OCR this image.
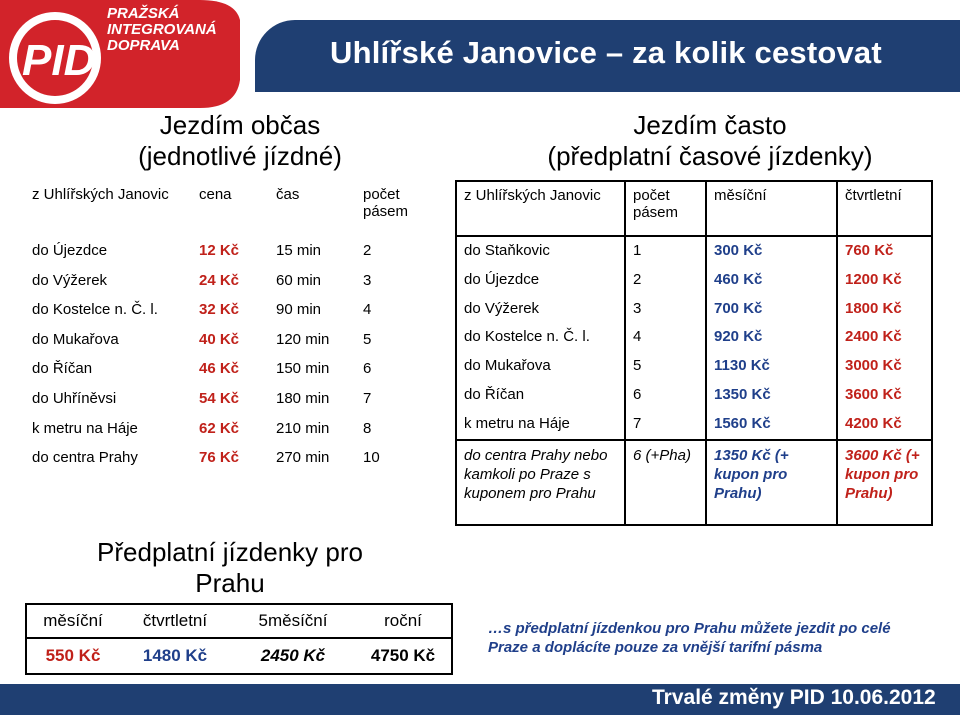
PRAŽSKÁ
INTEGROVANÁ
DOPRAVA
PID	Uhlířské Janovice – za kolik cestovat
Jezdím občas
(jednotlivé jízdné)
Jezdím často
(předplatní časové jízdenky)
z Uhlířských Janovic	cena	čas	počet pásem
do Újezdce	12 Kč	15 min	2
do Výžerek	24 Kč	60 min	3
do Kostelce n. Č. l.	32 Kč	90 min	4
do Mukařova	40 Kč	120 min	5
do Říčan	46 Kč	150 min	6
do Uhříněvsi	54 Kč	180 min	7
k metru na Háje	62 Kč	210 min	8
do centra Prahy	76 Kč	270 min	10
z Uhlířských Janovic	počet pásem	měsíční	čtvrtletní
do Staňkovic	1	300 Kč	760 Kč
do Újezdce	2	460 Kč	1200 Kč
do Výžerek	3	700 Kč	1800 Kč
do Kostelce n. Č. l.	4	920 Kč	2400 Kč
do Mukařova	5	1130 Kč	3000 Kč
do Říčan	6	1350 Kč	3600 Kč
k metru na Háje	7	1560 Kč	4200 Kč
do centra Prahy nebo kamkoli po Praze s kuponem pro Prahu	6 (+Pha)	1350 Kč (+ kupon pro Prahu)	3600 Kč (+ kupon pro Prahu)
Předplatní jízdenky pro
Prahu
měsíční	čtvrtletní	5měsíční	roční
550 Kč	1480 Kč	2450 Kč	4750 Kč
…s předplatní jízdenkou pro Prahu můžete jezdit po celé Praze a doplácíte pouze za vnější tarifní pásma
Trvalé změny PID 10.06.2012
